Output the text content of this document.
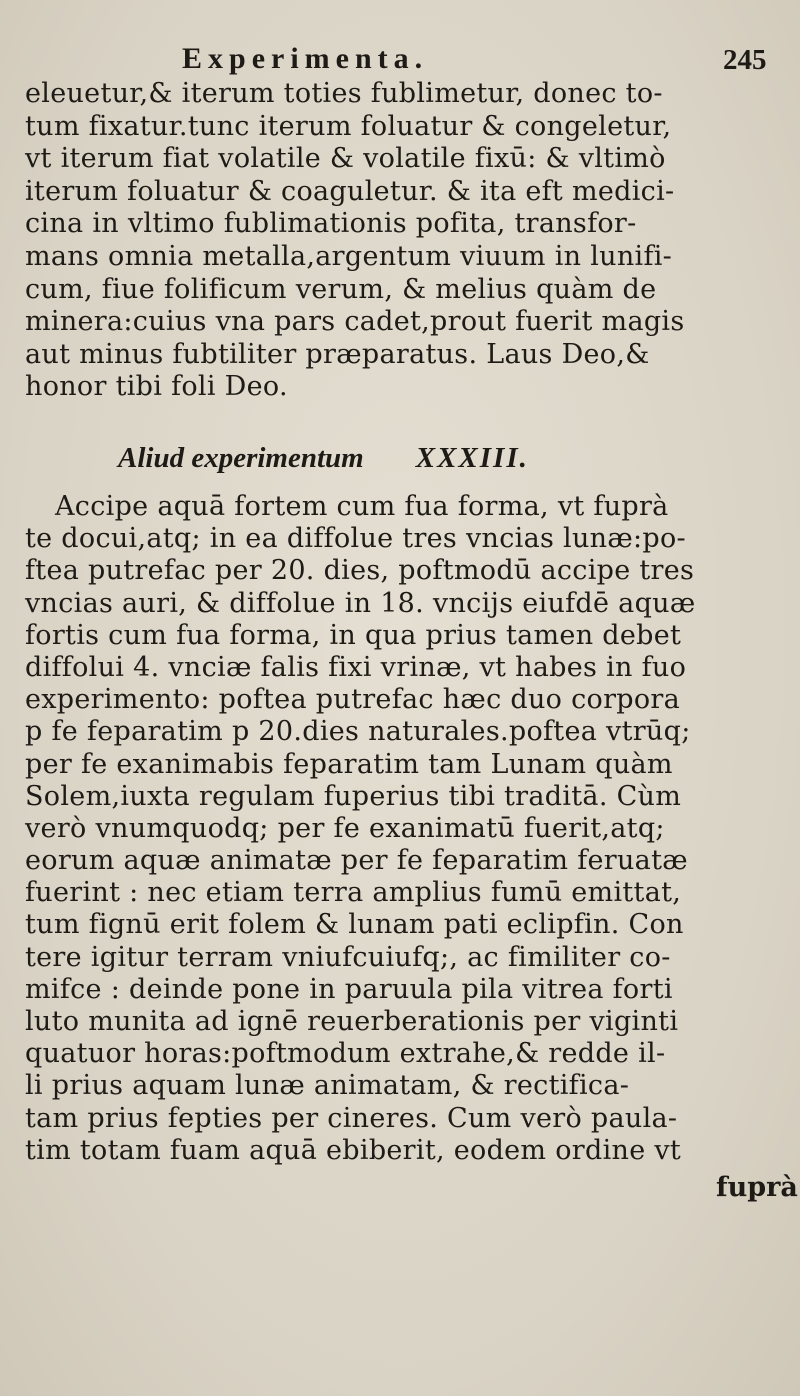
Experimenta.	245
eleuetur,& iterum toties fublimetur, donec to-
tum fixatur.tunc iterum foluatur & congeletur,
vt iterum fiat volatile & volatile fixū: & vltimò
iterum foluatur & coaguletur. & ita eft medici-
cina in vltimo fublimationis pofita, transfor-
mans omnia metalla,argentum viuum in lunifi-
cum, fiue folificum verum, & melius quàm de
minera:cuius vna pars cadet,prout fuerit magis
aut minus fubtiliter præparatus. Laus Deo,&
honor tibi foli Deo.
Aliud experimentum XXXIII.
Accipe aquā fortem cum fua forma, vt fuprà
te docui,atq; in ea diffolue tres vncias lunæ:po-
ftea putrefac per 20. dies, poftmodū accipe tres
vncias auri, & diffolue in 18. vncijs eiufdē aquæ
fortis cum fua forma, in qua prius tamen debet
diffolui 4. vnciæ falis fixi vrinæ, vt habes in fuo
experimento: poftea putrefac hæc duo corpora
p fe feparatim p 20.dies naturales.poftea vtrūq;
per fe exanimabis feparatim tam Lunam quàm
Solem,iuxta regulam fuperius tibi traditā. Cùm
verò vnumquodq; per fe exanimatū fuerit,atq;
eorum aquæ animatæ per fe feparatim feruatæ
fuerint : nec etiam terra amplius fumū emittat,
tum fignū erit folem & lunam pati eclipfin. Con
tere igitur terram vniufcuiufq;, ac fimiliter co-
mifce : deinde pone in paruula pila vitrea forti
luto munita ad ignē reuerberationis per viginti
quatuor horas:poftmodum extrahe,& redde il-
li prius aquam lunæ animatam, & rectifica-
tam prius fepties per cineres. Cum verò paula-
tim totam fuam aquā ebiberit, eodem ordine vt
fuprà
